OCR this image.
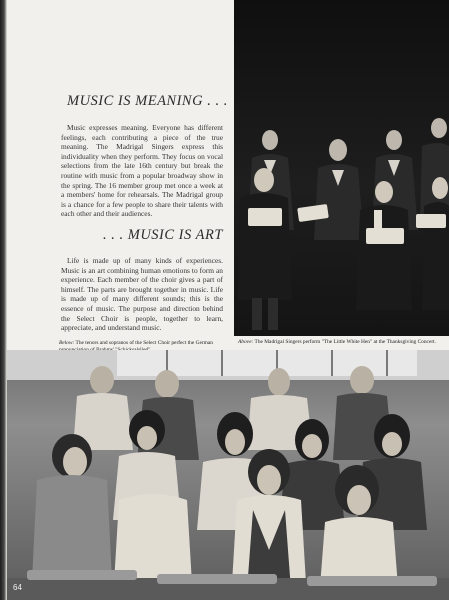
MUSIC IS MEANING . . .

Music expresses meaning. Everyone has different feelings, each contributing a piece of the true meaning. The Madrigal Singers express this individuality when they perform. They focus on vocal selections from the late 16th century but break the routine with music from a popular broadway show in the spring. The 16 member group met once a week at a members' home for rehearsals. The Madrigal group is a chance for a few people to share their talents with each other and their audiences.

. . . MUSIC IS ART

Life is made up of many kinds of experiences. Music is an art combining human emotions to form an experience. Each member of the choir gives a part of himself. The parts are brought together in music. Life is made up of many different sounds; this is the essence of music. The purpose and direction behind the Select Choir is people, together to learn, appreciate, and understand music.

Below: The tenors and sopranos of the Select Choir perfect the German	Above: The Madrigal Singers perform "The Little White Hen" at the Thanksgiving Concert.
64
